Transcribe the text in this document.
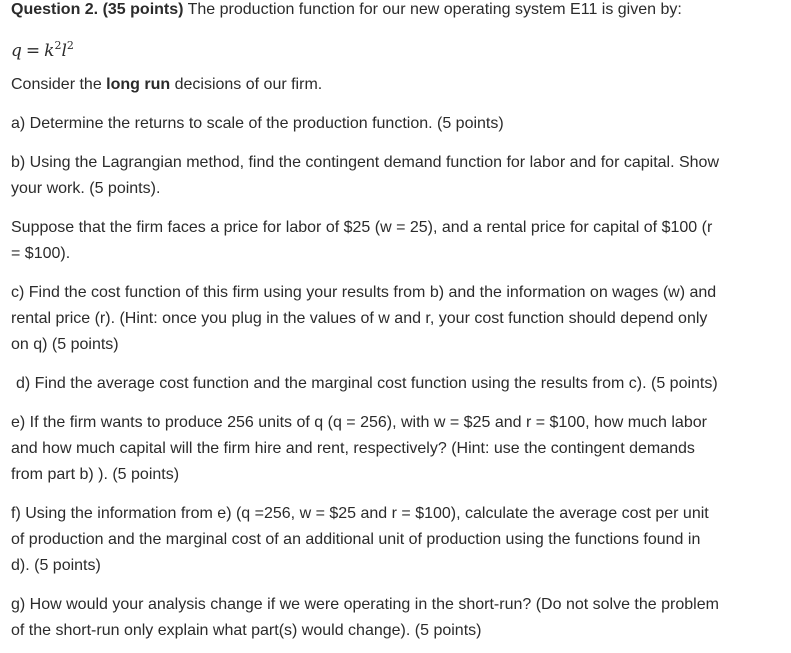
Question 2. (35 points) The production function for our new operating system E11 is given by:

$q = k^2l^2$

Consider the long run decisions of our firm.

a) Determine the returns to scale of the production function. (5 points)

b) Using the Lagrangian method, find the contingent demand function for labor and for capital. Show

your work. (5 points).

Suppose that the firm faces a price for labor of $25 (w = 25), and a rental price for capital of $100 (r

= $100).

c) Find the cost function of this firm using your results from b) and the information on wages (w) and

rental price (r). (Hint: once you plug in the values of w and r, your cost function should depend only

on q) (5 points)

d) Find the average cost function and the marginal cost function using the results from c). (5 points)

e) If the firm wants to produce 256 units of q (q = 256), with w = $25 and r = $100, how much labor

and how much capital will the firm hire and rent, respectively? (Hint: use the contingent demands

from part b) ). (5 points)

f) Using the information from e) (q =256, w = $25 and r = $100), calculate the average cost per unit

of production and the marginal cost of an additional unit of production using the functions found in

d). (5 points)

g) How would your analysis change if we were operating in the short-run? (Do not solve the problem

of the short-run only explain what part(s) would change). (5 points)
